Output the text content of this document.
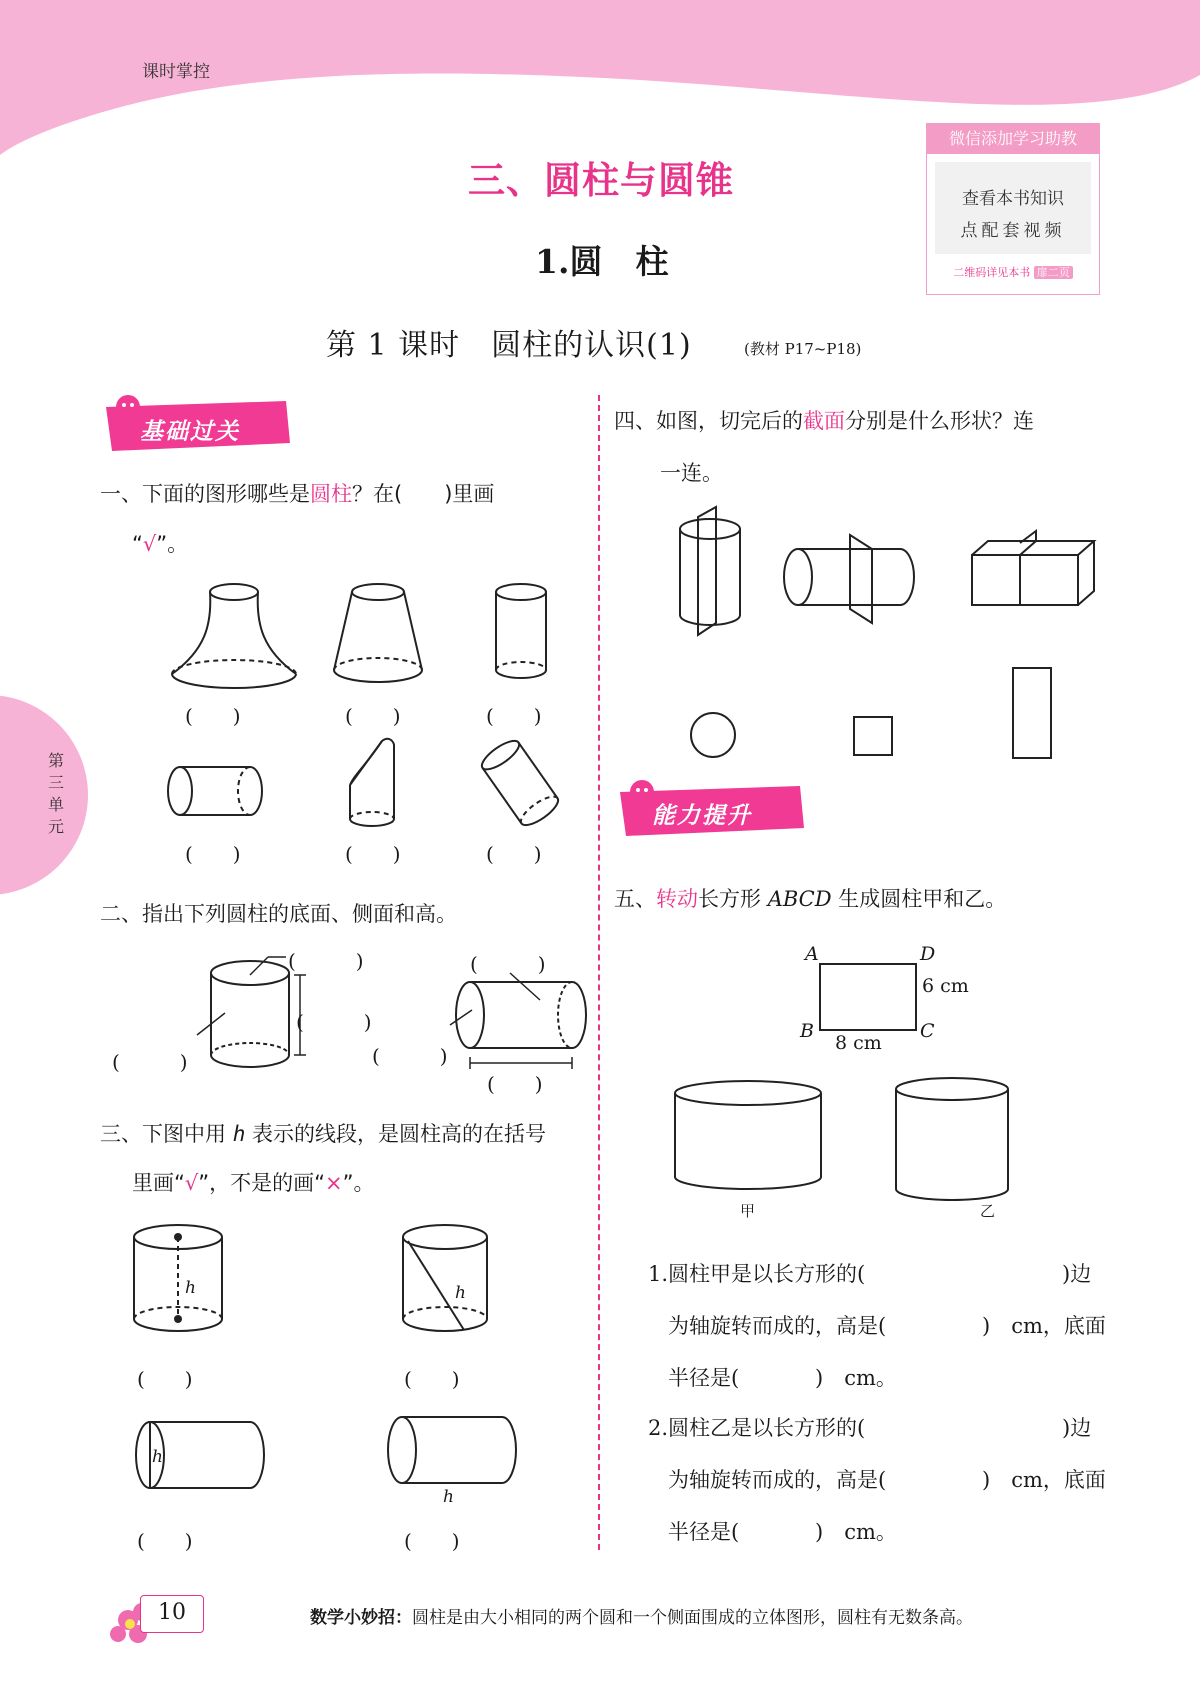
课时掌控
三、圆柱与圆锥
1.圆　柱
第 1 课时　圆柱的认识(1)	(教材 P17~P18)
微信添加学习助教
查看本书知识
点配套视频
二维码详见本书 扉二页
第三单元
基础过关
一、下面的图形哪些是圆柱？在(　　)里画
“√”。
(　　)	(　　)	(　　)
(　　)	(　　)	(　　)
二、指出下列圆柱的底面、侧面和高。
(　　　)
(　　　)
(　　　)
(　　　)
(　　　)
(　　)
三、下图中用 h 表示的线段，是圆柱高的在括号
里画“√”，不是的画“×”。
h	h
h
h
(　　)	(　　)
(　　)	(　　)
四、如图，切完后的截面分别是什么形状？连
一连。
能力提升
五、转动长方形 ABCD 生成圆柱甲和乙。
A	D
B	C
6 cm
8 cm
甲	乙
1.圆柱甲是以长方形的(	)边
为轴旋转而成的，高是(	)　cm，底面
半径是(	)　cm。
2.圆柱乙是以长方形的(	)边
为轴旋转而成的，高是(	)　cm，底面
半径是(	)　cm。
10	数学小妙招：圆柱是由大小相同的两个圆和一个侧面围成的立体图形，圆柱有无数条高。
